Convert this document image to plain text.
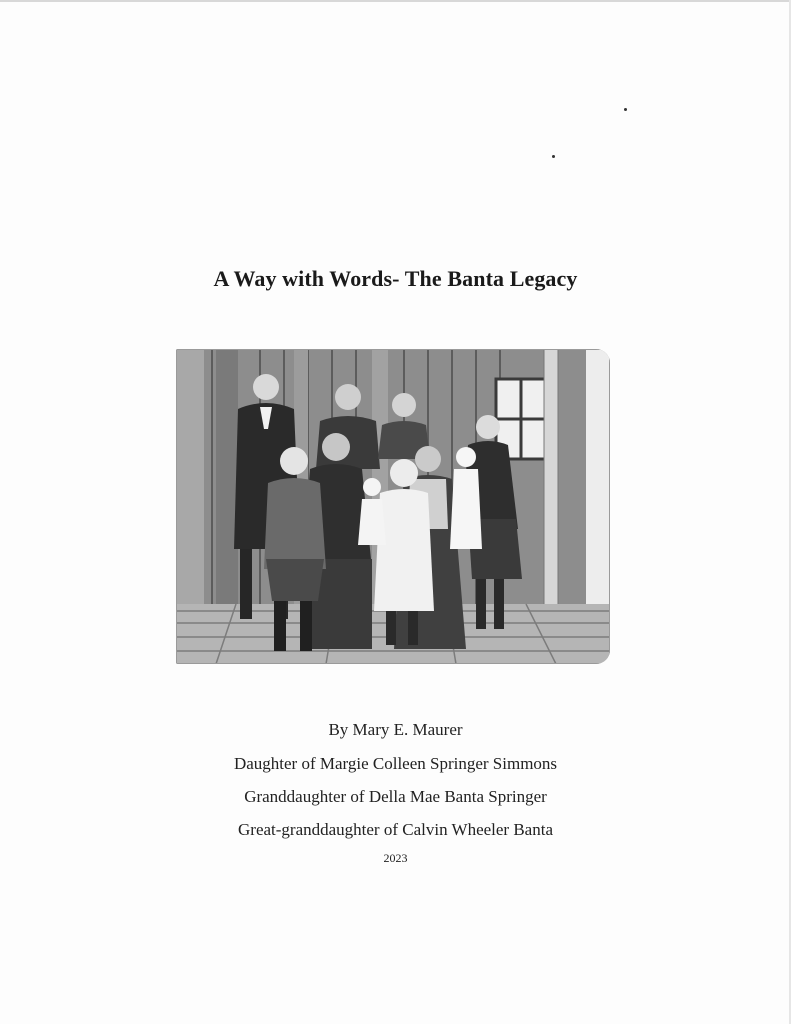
A Way with Words- The Banta Legacy
By Mary E. Maurer
Daughter of Margie Colleen Springer Simmons
Granddaughter of Della Mae Banta Springer
Great-granddaughter of Calvin Wheeler Banta
2023
